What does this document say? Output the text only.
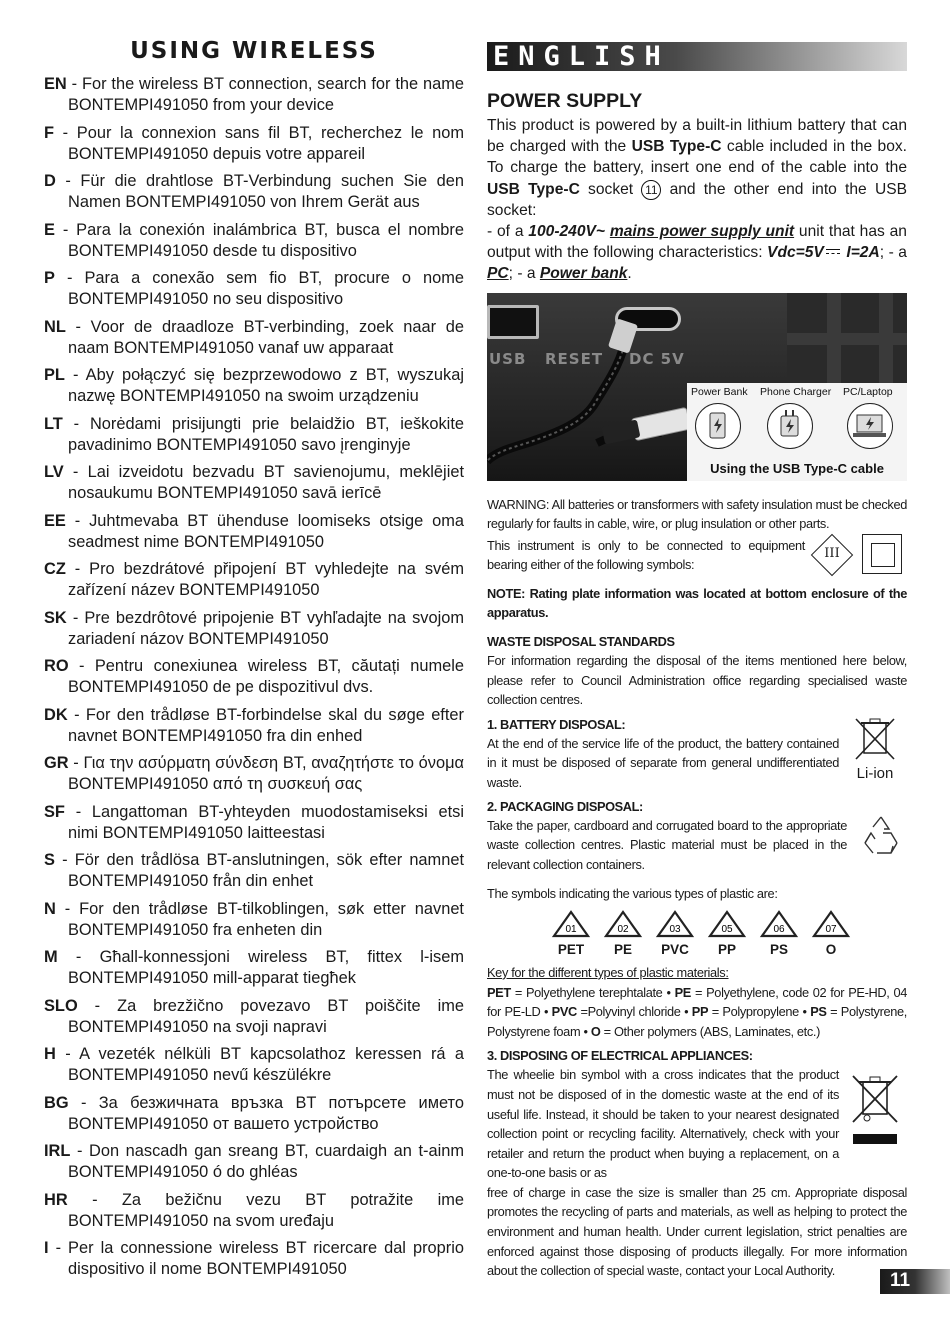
USING WIRELESS

EN - For the wireless BT connection, search for the name BONTEMPI491050 from your device

F - Pour la connexion sans fil BT, recherchez le nom BONTEMPI491050 depuis votre appareil

D - Für die drahtlose BT-Verbindung suchen Sie den Namen BONTEMPI491050 von Ihrem Gerät aus

E - Para la conexión inalámbrica BT, busca el nombre BONTEMPI491050 desde tu dispositivo

P - Para a conexão sem fio BT, procure o nome BONTEMPI491050 no seu dispositivo

NL - Voor de draadloze BT-verbinding, zoek naar de naam BONTEMPI491050 vanaf uw apparaat

PL - Aby połączyć się bezprzewodowo z BT, wyszukaj nazwę BONTEMPI491050 na swoim urządzeniu

LT - Norėdami prisijungti prie belaidžio BT, ieškokite pavadinimo BONTEMPI491050 savo įrenginyje

LV - Lai izveidotu bezvadu BT savienojumu, meklējiet nosaukumu BONTEMPI491050 savā ierīcē

EE - Juhtmevaba BT ühenduse loomiseks otsige oma seadmest nime BONTEMPI491050

CZ - Pro bezdrátové připojení BT vyhledejte na svém zařízení název BONTEMPI491050

SK - Pre bezdrôtové pripojenie BT vyhľadajte na svojom zariadení názov BONTEMPI491050

RO - Pentru conexiunea wireless BT, căutați numele BONTEMPI491050 de pe dispozitivul dvs.

DK - For den trådløse BT-forbindelse skal du søge efter navnet BONTEMPI491050 fra din enhed

GR - Για την ασύρματη σύνδεση BT, αναζητήστε το όνομα BONTEMPI491050 από τη συσκευή σας

SF - Langattoman BT-yhteyden muodostamiseksi etsi nimi BONTEMPI491050 laitteestasi

S - För den trådlösa BT-anslutningen, sök efter namnet BONTEMPI491050 från din enhet

N - For den trådløse BT-tilkoblingen, søk etter navnet BONTEMPI491050 fra enheten din

M - Għall-konnessjoni wireless BT, fittex l-isem BONTEMPI491050 mill-apparat tiegħek

SLO - Za brezžično povezavo BT poiščite ime BONTEMPI491050 na svoji napravi

H - A vezeték nélküli BT kapcsolathoz keressen rá a BONTEMPI491050 nevű készülékre

BG - За безжичната връзка BT потърсете името BONTEMPI491050 от вашето устройство

IRL - Don nascadh gan sreang BT, cuardaigh an t-ainm BONTEMPI491050 ó do ghléas

HR - Za bežičnu vezu BT potražite ime BONTEMPI491050 na svom uređaju

I - Per la connessione wireless BT ricercare dal proprio dispositivo il nome BONTEMPI491050

ENGLISH
POWER SUPPLY

This product is powered by a built-in lithium battery that can be charged with the USB Type-C cable included in the box. To charge the battery, insert one end of the cable into the USB Type-C socket 11 and the other end into the USB socket:

- of a 100-240V~ mains power supply unit unit that has an output with the following characteristics: Vdc=5V I=2A; - a PC; - a Power bank.

USB RESET DC 5V
Power Bank Phone Charger PC/Laptop
Using the USB Type-C cable

WARNING: All batteries or transformers with safety insulation must be checked regularly for faults in cable, wire, or plug insulation or other parts.

This instrument is only to be connected to equipment bearing either of the following symbols:

III

NOTE: Rating plate information was located at bottom enclosure of the apparatus.

WASTE DISPOSAL STANDARDS

For information regarding the disposal of the items mentioned here below, please refer to Council Administration office regarding specialised waste collection centres.

1. BATTERY DISPOSAL:

At the end of the service life of the product, the battery contained in it must be disposed of separate from general undifferentiated waste.

Li-ion

2. PACKAGING DISPOSAL:

Take the paper, cardboard and corrugated board to the appropriate waste collection centres. Plastic material must be placed in the relevant collection containers.

The symbols indicating the various types of plastic are:

01
PET
02
PE
03
PVC
05
PP
06
PS
07
O

Key for the different types of plastic materials:

PET = Polyethylene terephtalate • PE = Polyethylene, code 02 for PE-HD, 04 for PE-LD • PVC =Polyvinyl chloride • PP = Polypropylene • PS = Polystyrene, Polystyrene foam • O = Other polymers (ABS, Laminates, etc.)

3. DISPOSING OF ELECTRICAL APPLIANCES:

The wheelie bin symbol with a cross indicates that the product must not be disposed of in the domestic waste at the end of its useful life. Instead, it should be taken to your nearest designated collection point or recycling facility. Alternatively, check with your retailer and return the product when buying a replacement, on a one-to-one basis or as

free of charge in case the size is smaller than 25 cm. Appropriate disposal promotes the recycling of parts and materials, as well as helping to protect the environment and human health. Under current legislation, strict penalties are enforced against those disposing of products illegally. For more information about the collection of special waste, contact your Local Authority.	11
